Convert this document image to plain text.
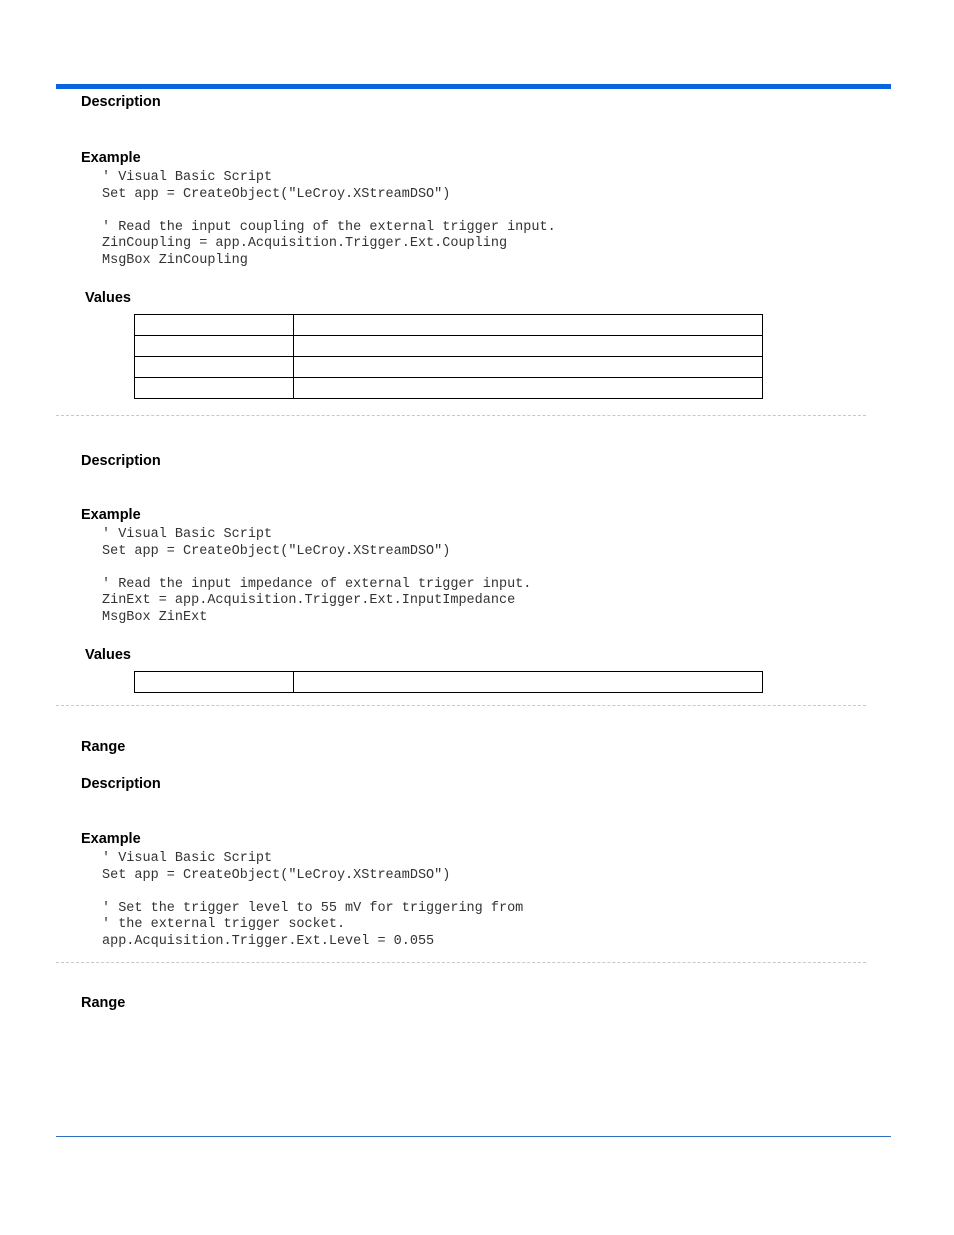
Description
Example
' Visual Basic Script
Set app = CreateObject("LeCroy.XStreamDSO")

' Read the input coupling of the external trigger input.
ZinCoupling = app.Acquisition.Trigger.Ext.Coupling
MsgBox ZinCoupling
Values

Description
Example
' Visual Basic Script
Set app = CreateObject("LeCroy.XStreamDSO")

' Read the input impedance of external trigger input.
ZinExt = app.Acquisition.Trigger.Ext.InputImpedance
MsgBox ZinExt
Values

Range
Description
Example
' Visual Basic Script
Set app = CreateObject("LeCroy.XStreamDSO")

' Set the trigger level to 55 mV for triggering from
' the external trigger socket.
app.Acquisition.Trigger.Ext.Level = 0.055
Range
